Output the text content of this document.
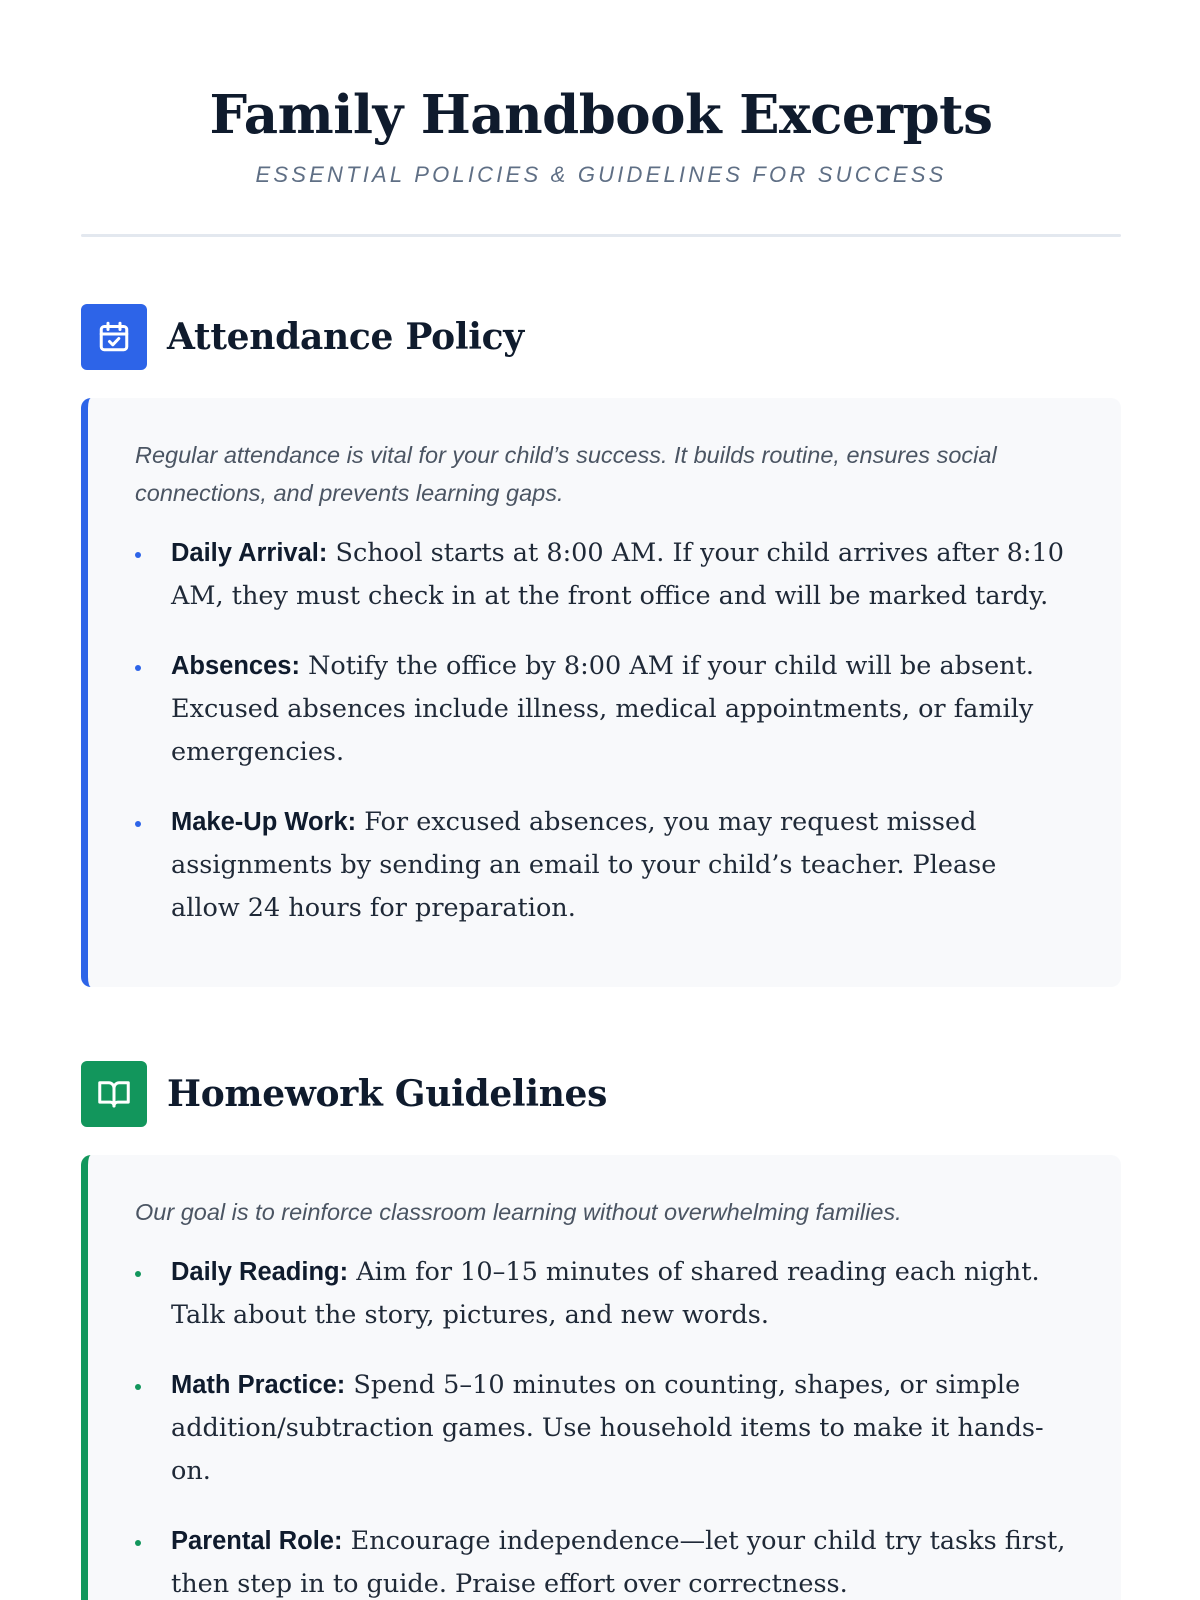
Family Handbook Excerpts
ESSENTIAL POLICIES & GUIDELINES FOR SUCCESS
Attendance Policy

Regular attendance is vital for your child’s success. It builds routine, ensures social connections, and prevents learning gaps.

Daily Arrival: School starts at 8:00 AM. If your child arrives after 8:10 AM, they must check in at the front office and will be marked tardy.
Absences: Notify the office by 8:00 AM if your child will be absent. Excused absences include illness, medical appointments, or family emergencies.
Make-Up Work: For excused absences, you may request missed assignments by sending an email to your child’s teacher. Please allow 24 hours for preparation.
Homework Guidelines

Our goal is to reinforce classroom learning without overwhelming families.

Daily Reading: Aim for 10–15 minutes of shared reading each night. Talk about the story, pictures, and new words.
Math Practice: Spend 5–10 minutes on counting, shapes, or simple addition/subtraction games. Use household items to make it hands-on.
Parental Role: Encourage independence—let your child try tasks first, then step in to guide. Praise effort over correctness.
